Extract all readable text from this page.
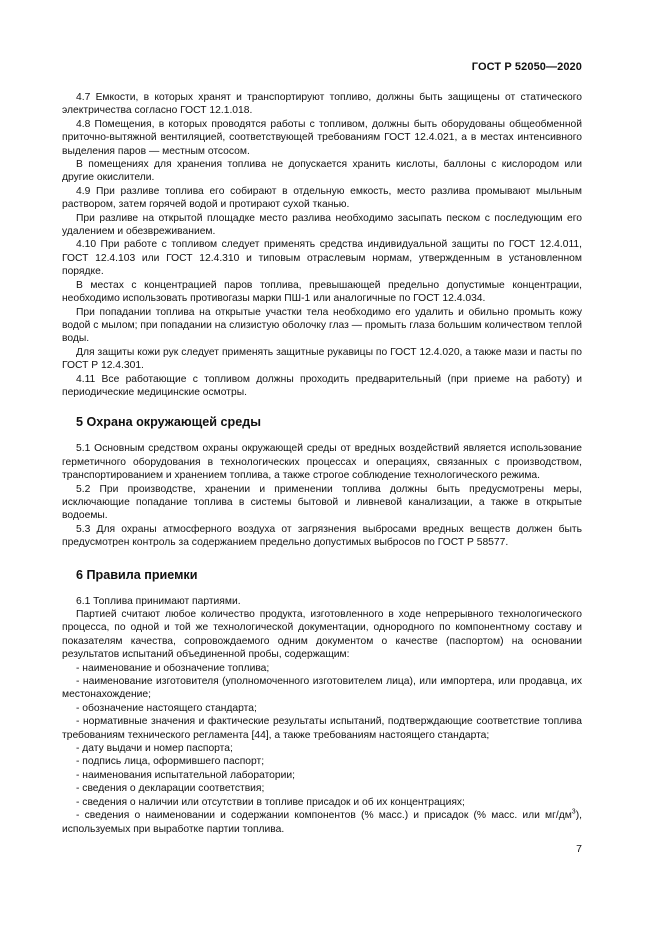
ГОСТ Р 52050—2020

4.7 Емкости, в которых хранят и транспортируют топливо, должны быть защищены от статического электричества согласно ГОСТ 12.1.018.

4.8 Помещения, в которых проводятся работы с топливом, должны быть оборудованы общеобменной приточно-вытяжной вентиляцией, соответствующей требованиям ГОСТ 12.4.021, а в местах интенсивного выделения паров — местным отсосом.

В помещениях для хранения топлива не допускается хранить кислоты, баллоны с кислородом или другие окислители.

4.9 При разливе топлива его собирают в отдельную емкость, место разлива промывают мыльным раствором, затем горячей водой и протирают сухой тканью.

При разливе на открытой площадке место разлива необходимо засыпать песком с последующим его удалением и обезвреживанием.

4.10 При работе с топливом следует применять средства индивидуальной защиты по ГОСТ 12.4.011, ГОСТ 12.4.103 или ГОСТ 12.4.310 и типовым отраслевым нормам, утвержденным в установленном порядке.

В местах с концентрацией паров топлива, превышающей предельно допустимые концентрации, необходимо использовать противогазы марки ПШ-1 или аналогичные по ГОСТ 12.4.034.

При попадании топлива на открытые участки тела необходимо его удалить и обильно промыть кожу водой с мылом; при попадании на слизистую оболочку глаз — промыть глаза большим количеством теплой воды.

Для защиты кожи рук следует применять защитные рукавицы по ГОСТ 12.4.020, а также мази и пасты по ГОСТ Р 12.4.301.

4.11 Все работающие с топливом должны проходить предварительный (при приеме на работу) и периодические медицинские осмотры.

5 Охрана окружающей среды

5.1 Основным средством охраны окружающей среды от вредных воздействий является использование герметичного оборудования в технологических процессах и операциях, связанных с производством, транспортированием и хранением топлива, а также строгое соблюдение технологического режима.

5.2 При производстве, хранении и применении топлива должны быть предусмотрены меры, исключающие попадание топлива в системы бытовой и ливневой канализации, а также в открытые водоемы.

5.3 Для охраны атмосферного воздуха от загрязнения выбросами вредных веществ должен быть предусмотрен контроль за содержанием предельно допустимых выбросов по ГОСТ Р 58577.

6 Правила приемки

6.1 Топлива принимают партиями.

Партией считают любое количество продукта, изготовленного в ходе непрерывного технологического процесса, по одной и той же технологической документации, однородного по компонентному составу и показателям качества, сопровождаемого одним документом о качестве (паспортом) на основании результатов испытаний объединенной пробы, содержащим:

- наименование и обозначение топлива;

- наименование изготовителя (уполномоченного изготовителем лица), или импортера, или продавца, их местонахождение;

- обозначение настоящего стандарта;

- нормативные значения и фактические результаты испытаний, подтверждающие соответствие топлива требованиям технического регламента [44], а также требованиям настоящего стандарта;

- дату выдачи и номер паспорта;

- подпись лица, оформившего паспорт;

- наименования испытательной лаборатории;

- сведения о декларации соответствия;

- сведения о наличии или отсутствии в топливе присадок и об их концентрациях;

- сведения о наименовании и содержании компонентов (% масс.) и присадок (% масс. или $мг/дм^3$), используемых при выработке партии топлива.

7
